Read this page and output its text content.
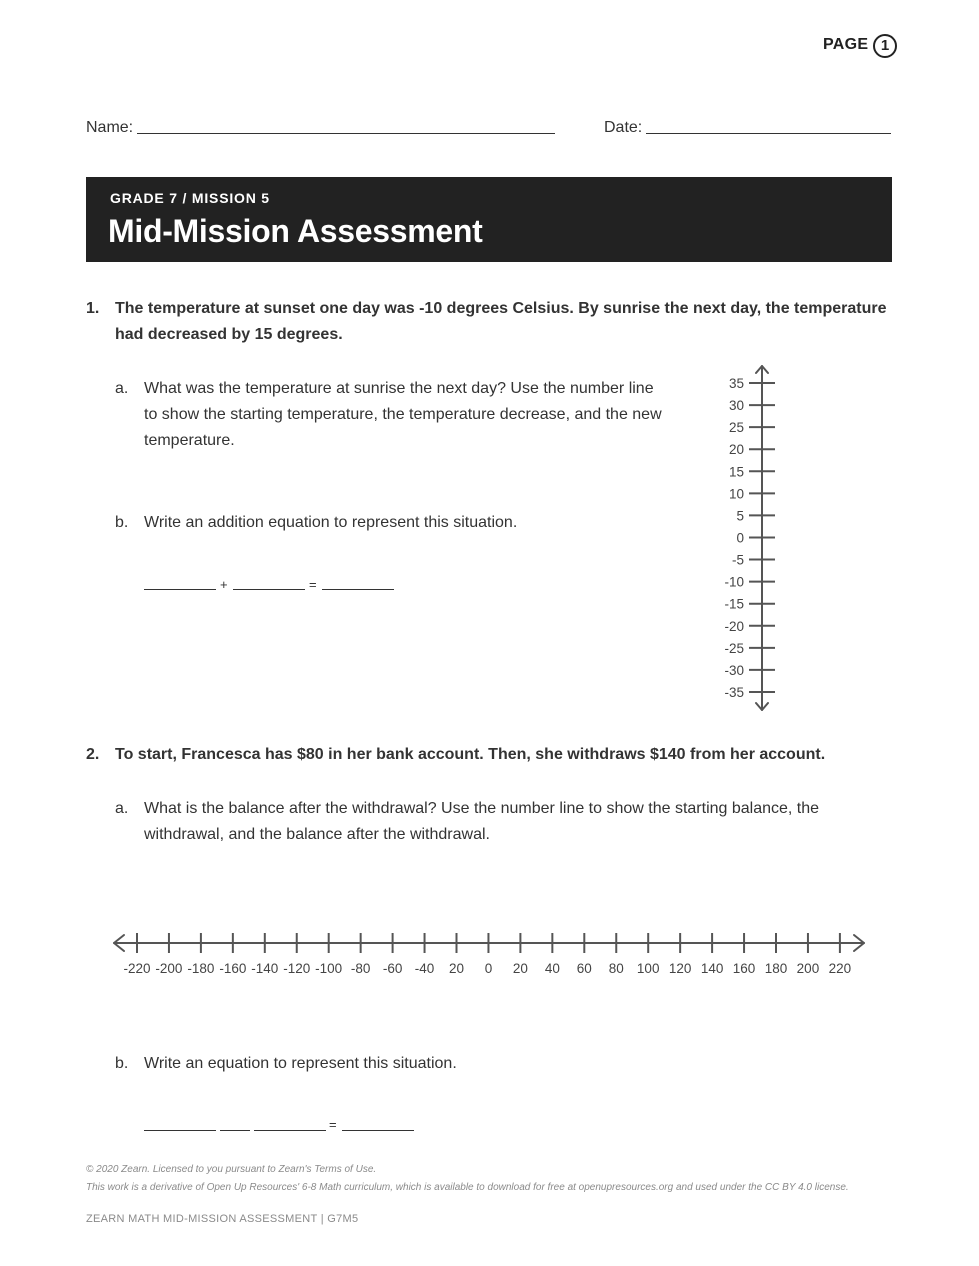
PAGE 1
Name:	Date:
GRADE 7 / MISSION 5
Mid-Mission Assessment
1. The temperature at sunset one day was -10 degrees Celsius. By sunrise the next day, the temperature
had decreased by 15 degrees.
a. What was the temperature at sunrise the next day? Use the number line
to show the starting temperature, the temperature decrease, and the new
temperature.
b. Write an addition equation to represent this situation.
+	=
35
30
25
20
15
10
5
0
-5
-10
-15
-20
-25
-30
-35
2. To start, Francesca has $80 in her bank account. Then, she withdraws $140 from her account.
a. What is the balance after the withdrawal? Use the number line to show the starting balance, the
withdrawal, and the balance after the withdrawal.
-220 -200 -180 -160 -140 -120 -100 -80 -60 -40 20 0 20 40 60 80 100 120 140 160 180 200 220
b. Write an equation to represent this situation.
=
© 2020 Zearn. Licensed to you pursuant to Zearn's Terms of Use.
This work is a derivative of Open Up Resources' 6-8 Math curriculum, which is available to download for free at openupresources.org and used under the CC BY 4.0 license.
ZEARN MATH MID-MISSION ASSESSMENT | G7M5
